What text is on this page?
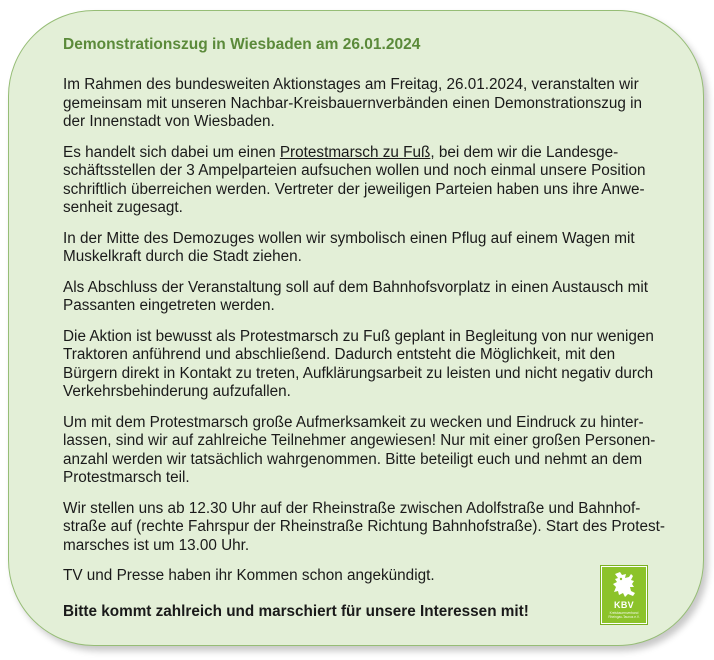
Demonstrationszug in Wiesbaden am 26.01.2024

Im Rahmen des bundesweiten Aktionstages am Freitag, 26.01.2024, veranstalten wir
gemeinsam mit unseren Nachbar-Kreisbauernverbänden einen Demonstrationszug in
der Innenstadt von Wiesbaden.

Es handelt sich dabei um einen Protestmarsch zu Fuß, bei dem wir die Landesge-
schäftsstellen der 3 Ampelparteien aufsuchen wollen und noch einmal unsere Position
schriftlich überreichen werden. Vertreter der jeweiligen Parteien haben uns ihre Anwe-
senheit zugesagt.

In der Mitte des Demozuges wollen wir symbolisch einen Pflug auf einem Wagen mit
Muskelkraft durch die Stadt ziehen.

Als Abschluss der Veranstaltung soll auf dem Bahnhofsvorplatz in einen Austausch mit
Passanten eingetreten werden.

Die Aktion ist bewusst als Protestmarsch zu Fuß geplant in Begleitung von nur wenigen
Traktoren anführend und abschließend. Dadurch entsteht die Möglichkeit, mit den
Bürgern direkt in Kontakt zu treten, Aufklärungsarbeit zu leisten und nicht negativ durch
Verkehrsbehinderung aufzufallen.

Um mit dem Protestmarsch große Aufmerksamkeit zu wecken und Eindruck zu hinter-
lassen, sind wir auf zahlreiche Teilnehmer angewiesen! Nur mit einer großen Personen-
anzahl werden wir tatsächlich wahrgenommen. Bitte beteiligt euch und nehmt an dem
Protestmarsch teil.

Wir stellen uns ab 12.30 Uhr auf der Rheinstraße zwischen Adolfstraße und Bahnhof-
straße auf (rechte Fahrspur der Rheinstraße Richtung Bahnhofstraße). Start des Protest-
marsches ist um 13.00 Uhr.

TV und Presse haben ihr Kommen schon angekündigt.

Bitte kommt zahlreich und marschiert für unsere Interessen mit!	KBV
Kreisbauernverband Rheingau-Taunus e.V.
